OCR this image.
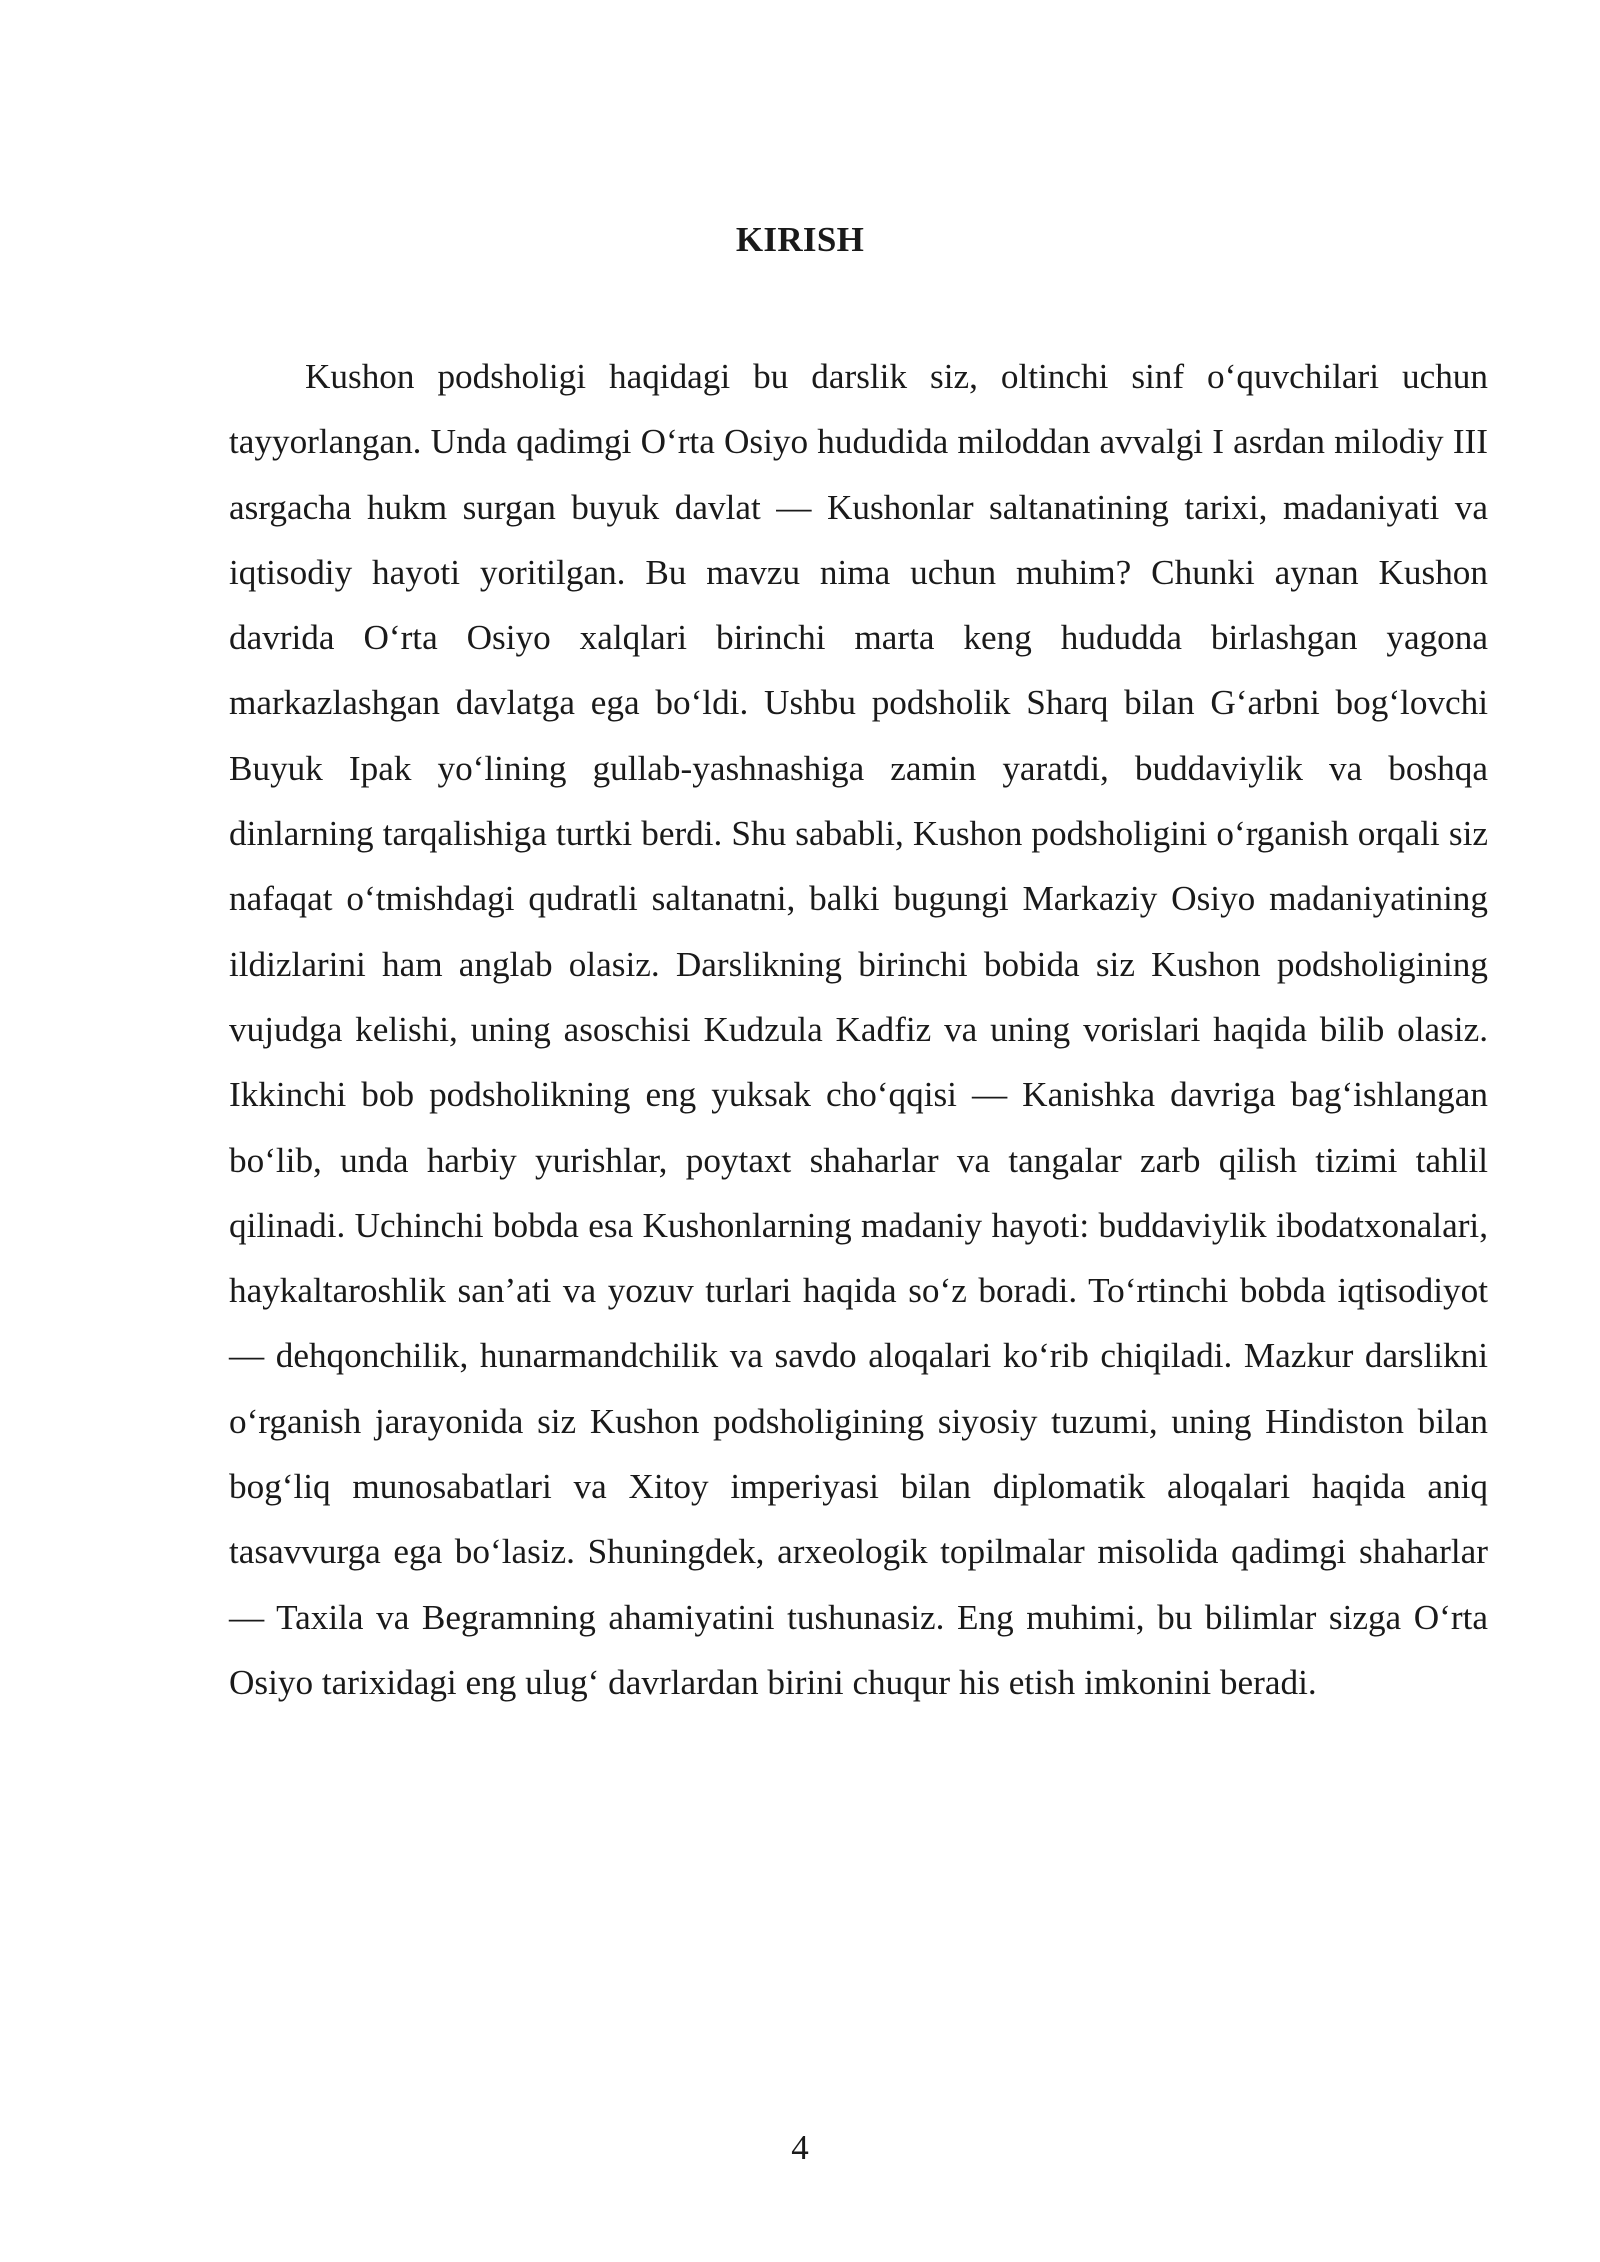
KIRISH

Kushon podsholigi haqidagi bu darslik siz, oltinchi sinf o‘quvchilari uchun tayyorlangan. Unda qadimgi O‘rta Osiyo hududida miloddan avvalgi I asrdan milodiy III asrgacha hukm surgan buyuk davlat — Kushonlar saltanatining tarixi, madaniyati va iqtisodiy hayoti yoritilgan. Bu mavzu nima uchun muhim? Chunki aynan Kushon davrida O‘rta Osiyo xalqlari birinchi marta keng hududda birlashgan yagona markazlashgan davlatga ega bo‘ldi. Ushbu podsholik Sharq bilan G‘arbni bog‘lovchi Buyuk Ipak yo‘lining gullab-yashnashiga zamin yaratdi, buddaviylik va boshqa dinlarning tarqalishiga turtki berdi. Shu sababli, Kushon podsholigini o‘rganish orqali siz nafaqat o‘tmishdagi qudratli saltanatni, balki bugungi Markaziy Osiyo madaniyatining ildizlarini ham anglab olasiz. Darslikning birinchi bobida siz Kushon podsholigining vujudga kelishi, uning asoschisi Kudzula Kadfiz va uning vorislari haqida bilib olasiz. Ikkinchi bob podsholikning eng yuksak cho‘qqisi — Kanishka davriga bag‘ishlangan bo‘lib, unda harbiy yurishlar, poytaxt shaharlar va tangalar zarb qilish tizimi tahlil qilinadi. Uchinchi bobda esa Kushonlarning madaniy hayoti: buddaviylik ibodatxonalari, haykaltaroshlik san’ati va yozuv turlari haqida so‘z boradi. To‘rtinchi bobda iqtisodiyot — dehqonchilik, hunarmandchilik va savdo aloqalari ko‘rib chiqiladi. Mazkur darslikni o‘rganish jarayonida siz Kushon podsholigining siyosiy tuzumi, uning Hindiston bilan bog‘liq munosabatlari va Xitoy imperiyasi bilan diplomatik aloqalari haqida aniq tasavvurga ega bo‘lasiz. Shuningdek, arxeologik topilmalar misolida qadimgi shaharlar — Taxila va Begramning ahamiyatini tushunasiz. Eng muhimi, bu bilimlar sizga O‘rta Osiyo tarixidagi eng ulug‘ davrlardan birini chuqur his etish imkonini beradi.

4
